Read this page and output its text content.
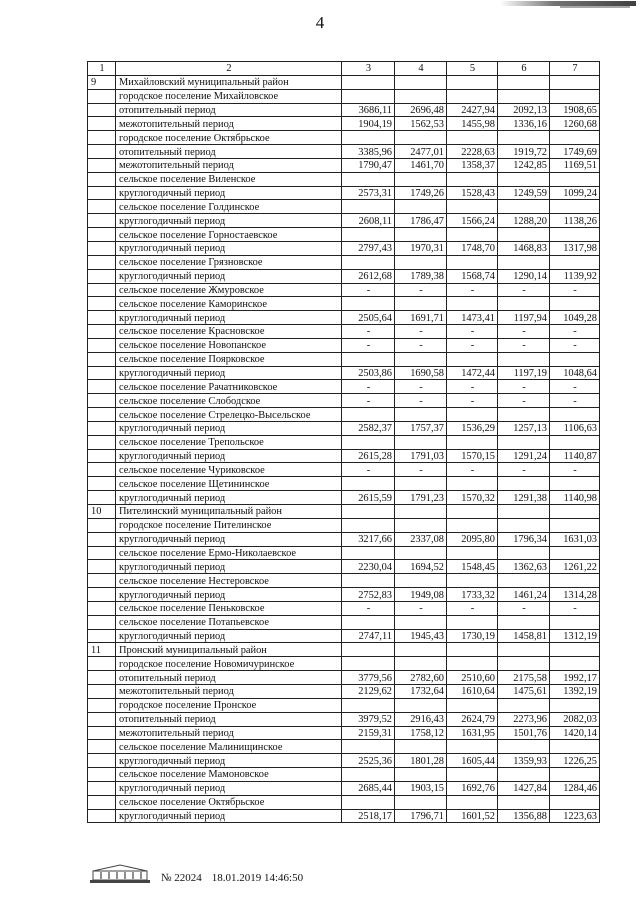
4
1	2	3	4	5	6	7
9	Михайловский муниципальный район					
	городское поселение Михайловское					
	отопительный период	3686,11	2696,48	2427,94	2092,13	1908,65
	межотопительный период	1904,19	1562,53	1455,98	1336,16	1260,68
	городское поселение Октябрьское					
	отопительный период	3385,96	2477,01	2228,63	1919,72	1749,69
	межотопительный период	1790,47	1461,70	1358,37	1242,85	1169,51
	сельское поселение Виленское					
	круглогодичный период	2573,31	1749,26	1528,43	1249,59	1099,24
	сельское поселение Голдинское					
	круглогодичный период	2608,11	1786,47	1566,24	1288,20	1138,26
	сельское поселение Горностаевское					
	круглогодичный период	2797,43	1970,31	1748,70	1468,83	1317,98
	сельское поселение Грязновское					
	круглогодичный период	2612,68	1789,38	1568,74	1290,14	1139,92
	сельское поселение Жмуровское	-	-	-	-	-
	сельское поселение Каморинское					
	круглогодичный период	2505,64	1691,71	1473,41	1197,94	1049,28
	сельское поселение Красновское	-	-	-	-	-
	сельское поселение Новопанское	-	-	-	-	-
	сельское поселение Поярковское					
	круглогодичный период	2503,86	1690,58	1472,44	1197,19	1048,64
	сельское поселение Рачатниковское	-	-	-	-	-
	сельское поселение Слободское	-	-	-	-	-
	сельское поселение Стрелецко-Высельское					
	круглогодичный период	2582,37	1757,37	1536,29	1257,13	1106,63
	сельское поселение Трепольское					
	круглогодичный период	2615,28	1791,03	1570,15	1291,24	1140,87
	сельское поселение Чуриковское	-	-	-	-	-
	сельское поселение Щетининское					
	круглогодичный период	2615,59	1791,23	1570,32	1291,38	1140,98
10	Пителинский муниципальный район					
	городское поселение Пителинское					
	круглогодичный период	3217,66	2337,08	2095,80	1796,34	1631,03
	сельское поселение Ермо-Николаевское					
	круглогодичный период	2230,04	1694,52	1548,45	1362,63	1261,22
	сельское поселение Нестеровское					
	круглогодичный период	2752,83	1949,08	1733,32	1461,24	1314,28
	сельское поселение Пеньковское	-	-	-	-	-
	сельское поселение Потапьевское					
	круглогодичный период	2747,11	1945,43	1730,19	1458,81	1312,19
11	Пронский муниципальный район					
	городское поселение Новомичуринское					
	отопительный период	3779,56	2782,60	2510,60	2175,58	1992,17
	межотопительный период	2129,62	1732,64	1610,64	1475,61	1392,19
	городское поселение Пронское					
	отопительный период	3979,52	2916,43	2624,79	2273,96	2082,03
	межотопительный период	2159,31	1758,12	1631,95	1501,76	1420,14
	сельское поселение Малинищинское					
	круглогодичный период	2525,36	1801,28	1605,44	1359,93	1226,25
	сельское поселение Мамоновское					
	круглогодичный период	2685,44	1903,15	1692,76	1427,84	1284,46
	сельское поселение Октябрьское					
	круглогодичный период	2518,17	1796,71	1601,52	1356,88	1223,63
№ 22024 18.01.2019 14:46:50
